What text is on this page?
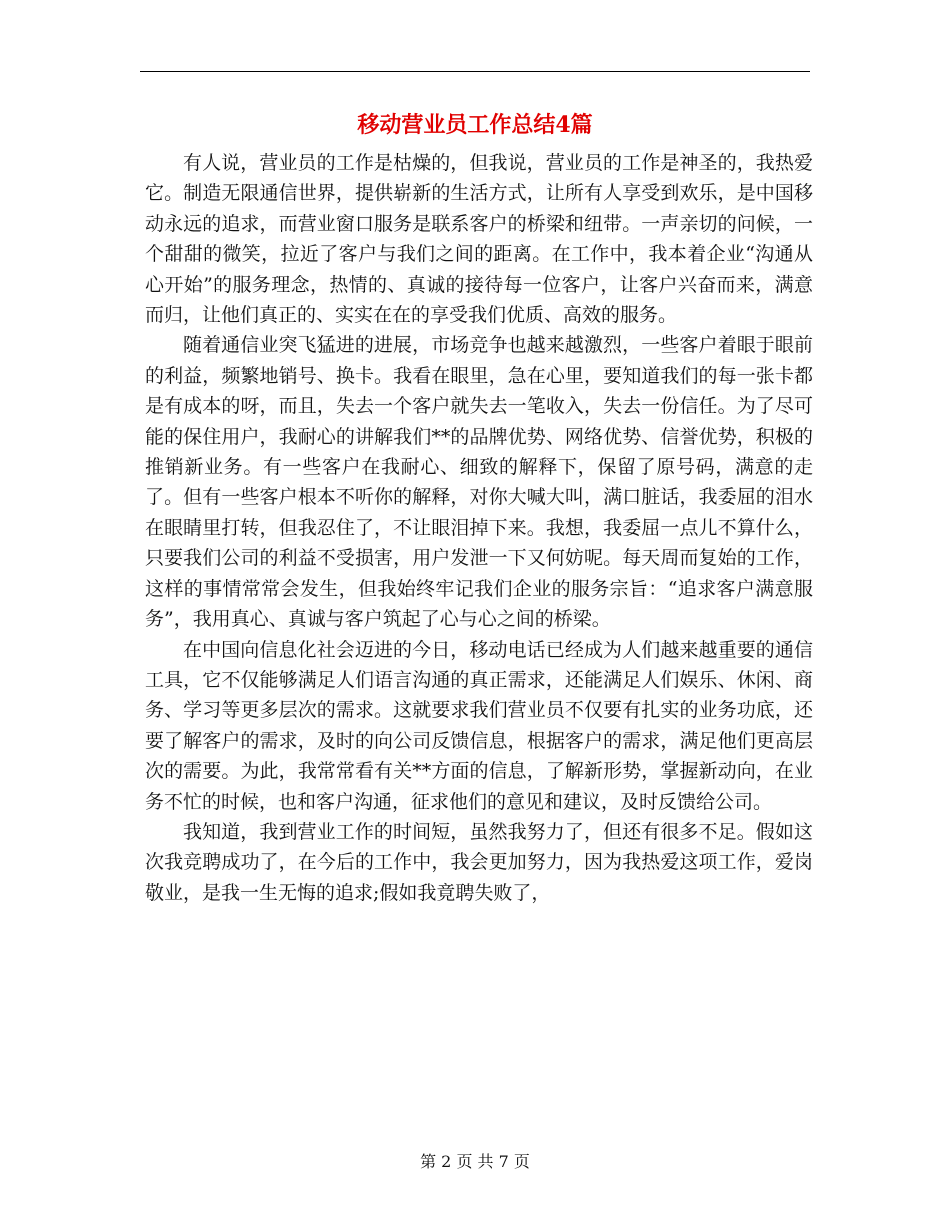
移动营业员工作总结4篇

有人说，营业员的工作是枯燥的，但我说，营业员的工作是神圣的，我热爱它。制造无限通信世界，提供崭新的生活方式，让所有人享受到欢乐，是中国移动永远的追求，而营业窗口服务是联系客户的桥梁和纽带。一声亲切的问候，一个甜甜的微笑，拉近了客户与我们之间的距离。在工作中，我本着企业“沟通从心开始”的服务理念，热情的、真诚的接待每一位客户，让客户兴奋而来，满意而归，让他们真正的、实实在在的享受我们优质、高效的服务。

随着通信业突飞猛进的进展，市场竞争也越来越激烈，一些客户着眼于眼前的利益，频繁地销号、换卡。我看在眼里，急在心里，要知道我们的每一张卡都是有成本的呀，而且，失去一个客户就失去一笔收入，失去一份信任。为了尽可能的保住用户，我耐心的讲解我们**的品牌优势、网络优势、信誉优势，积极的推销新业务。有一些客户在我耐心、细致的解释下，保留了原号码，满意的走了。但有一些客户根本不听你的解释，对你大喊大叫，满口脏话，我委屈的泪水在眼睛里打转，但我忍住了，不让眼泪掉下来。我想，我委屈一点儿不算什么，只要我们公司的利益不受损害，用户发泄一下又何妨呢。每天周而复始的工作，这样的事情常常会发生，但我始终牢记我们企业的服务宗旨：“追求客户满意服务”，我用真心、真诚与客户筑起了心与心之间的桥梁。

在中国向信息化社会迈进的今日，移动电话已经成为人们越来越重要的通信工具，它不仅能够满足人们语言沟通的真正需求，还能满足人们娱乐、休闲、商务、学习等更多层次的需求。这就要求我们营业员不仅要有扎实的业务功底，还要了解客户的需求，及时的向公司反馈信息，根据客户的需求，满足他们更高层次的需要。为此，我常常看有关**方面的信息，了解新形势，掌握新动向，在业务不忙的时候，也和客户沟通，征求他们的意见和建议，及时反馈给公司。

我知道，我到营业工作的时间短，虽然我努力了，但还有很多不足。假如这次我竞聘成功了，在今后的工作中，我会更加努力，因为我热爱这项工作，爱岗敬业，是我一生无悔的追求;假如我竟聘失败了，

第 2 页 共 7 页
